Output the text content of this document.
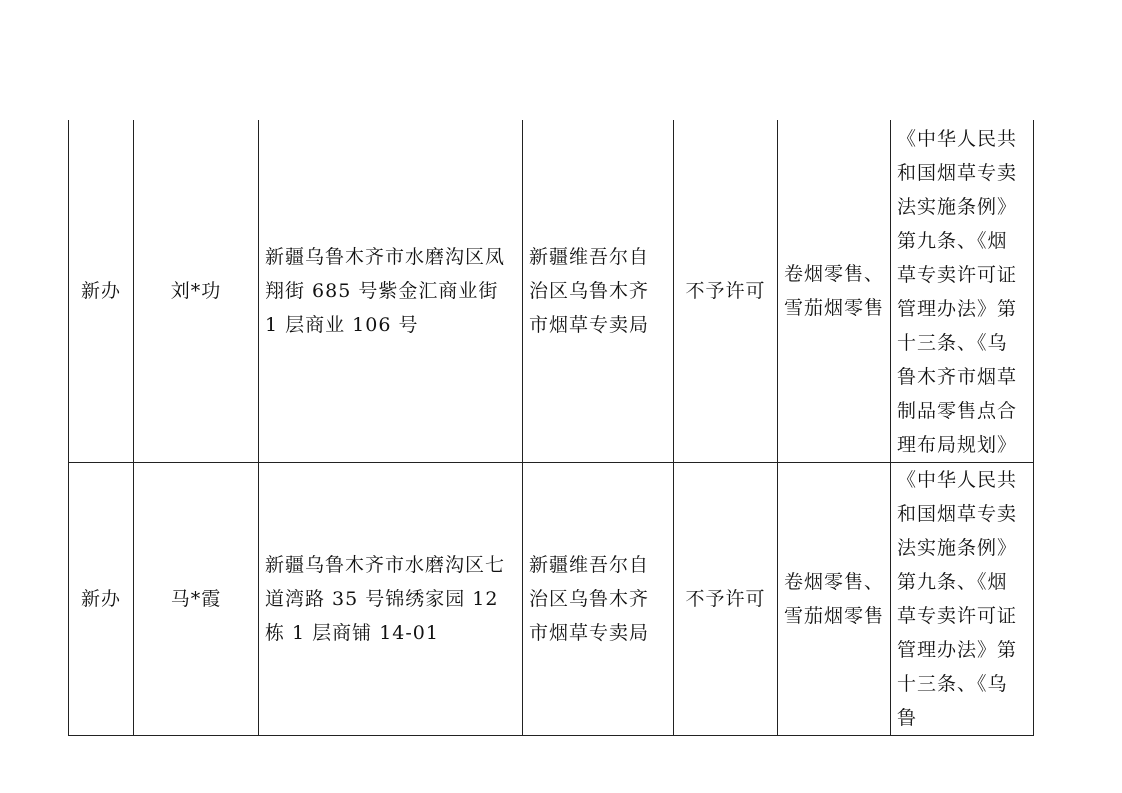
新办	刘*功	新疆乌鲁木齐市水磨沟区凤翔街 685 号紫金汇商业街 1 层商业 106 号	新疆维吾尔自治区乌鲁木齐市烟草专卖局	不予许可	卷烟零售、雪茄烟零售	《中华人民共和国烟草专卖法实施条例》第九条、《烟草专卖许可证管理办法》第十三条、《乌鲁木齐市烟草制品零售点合理布局规划》
新办	马*霞	新疆乌鲁木齐市水磨沟区七道湾路 35 号锦绣家园 12 栋 1 层商铺 14-01	新疆维吾尔自治区乌鲁木齐市烟草专卖局	不予许可	卷烟零售、雪茄烟零售	《中华人民共和国烟草专卖法实施条例》第九条、《烟草专卖许可证管理办法》第十三条、《乌鲁
